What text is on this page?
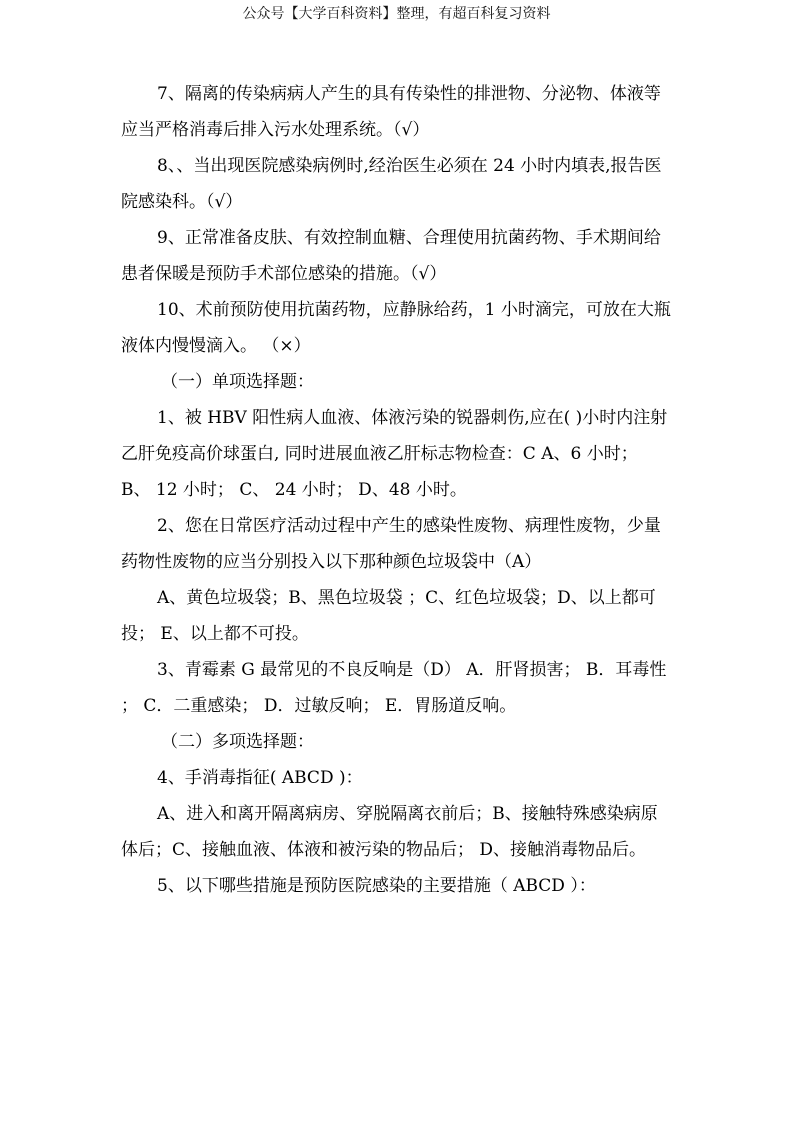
公众号【大学百科资料】整理，有超百科复习资料

7、隔离的传染病病人产生的具有传染性的排泄物、分泌物、体液等应当严格消毒后排入污水处理系统。（√）

8、、当出现医院感染病例时,经治医生必须在 24 小时内填表,报告医院感染科。（√）

9、正常准备皮肤、有效控制血糖、合理使用抗菌药物、手术期间给患者保暖是预防手术部位感染的措施。（√）

10、术前预防使用抗菌药物，应静脉给药，1 小时滴完，可放在大瓶液体内慢慢滴入。 （×）

（一）单项选择题：

1、被 HBV 阳性病人血液、体液污染的锐器刺伤,应在( )小时内注射乙肝免疫高价球蛋白, 同时进展血液乙肝标志物检查：C A、6 小时； B、 12 小时； C、 24 小时； D、48 小时。

2、您在日常医疗活动过程中产生的感染性废物、病理性废物，少量药物性废物的应当分别投入以下那种颜色垃圾袋中（A）

A、黄色垃圾袋；B、黑色垃圾袋 ；C、红色垃圾袋；D、以上都可投； E、以上都不可投。

3、青霉素 G 最常见的不良反响是（D） A．肝肾损害； B．耳毒性 ； C．二重感染； D．过敏反响； E．胃肠道反响。

（二）多项选择题：

4、手消毒指征( ABCD )：

A、进入和离开隔离病房、穿脱隔离衣前后；B、接触特殊感染病原体后；C、接触血液、体液和被污染的物品后； D、接触消毒物品后。

5、以下哪些措施是预防医院感染的主要措施（ ABCD ）：
